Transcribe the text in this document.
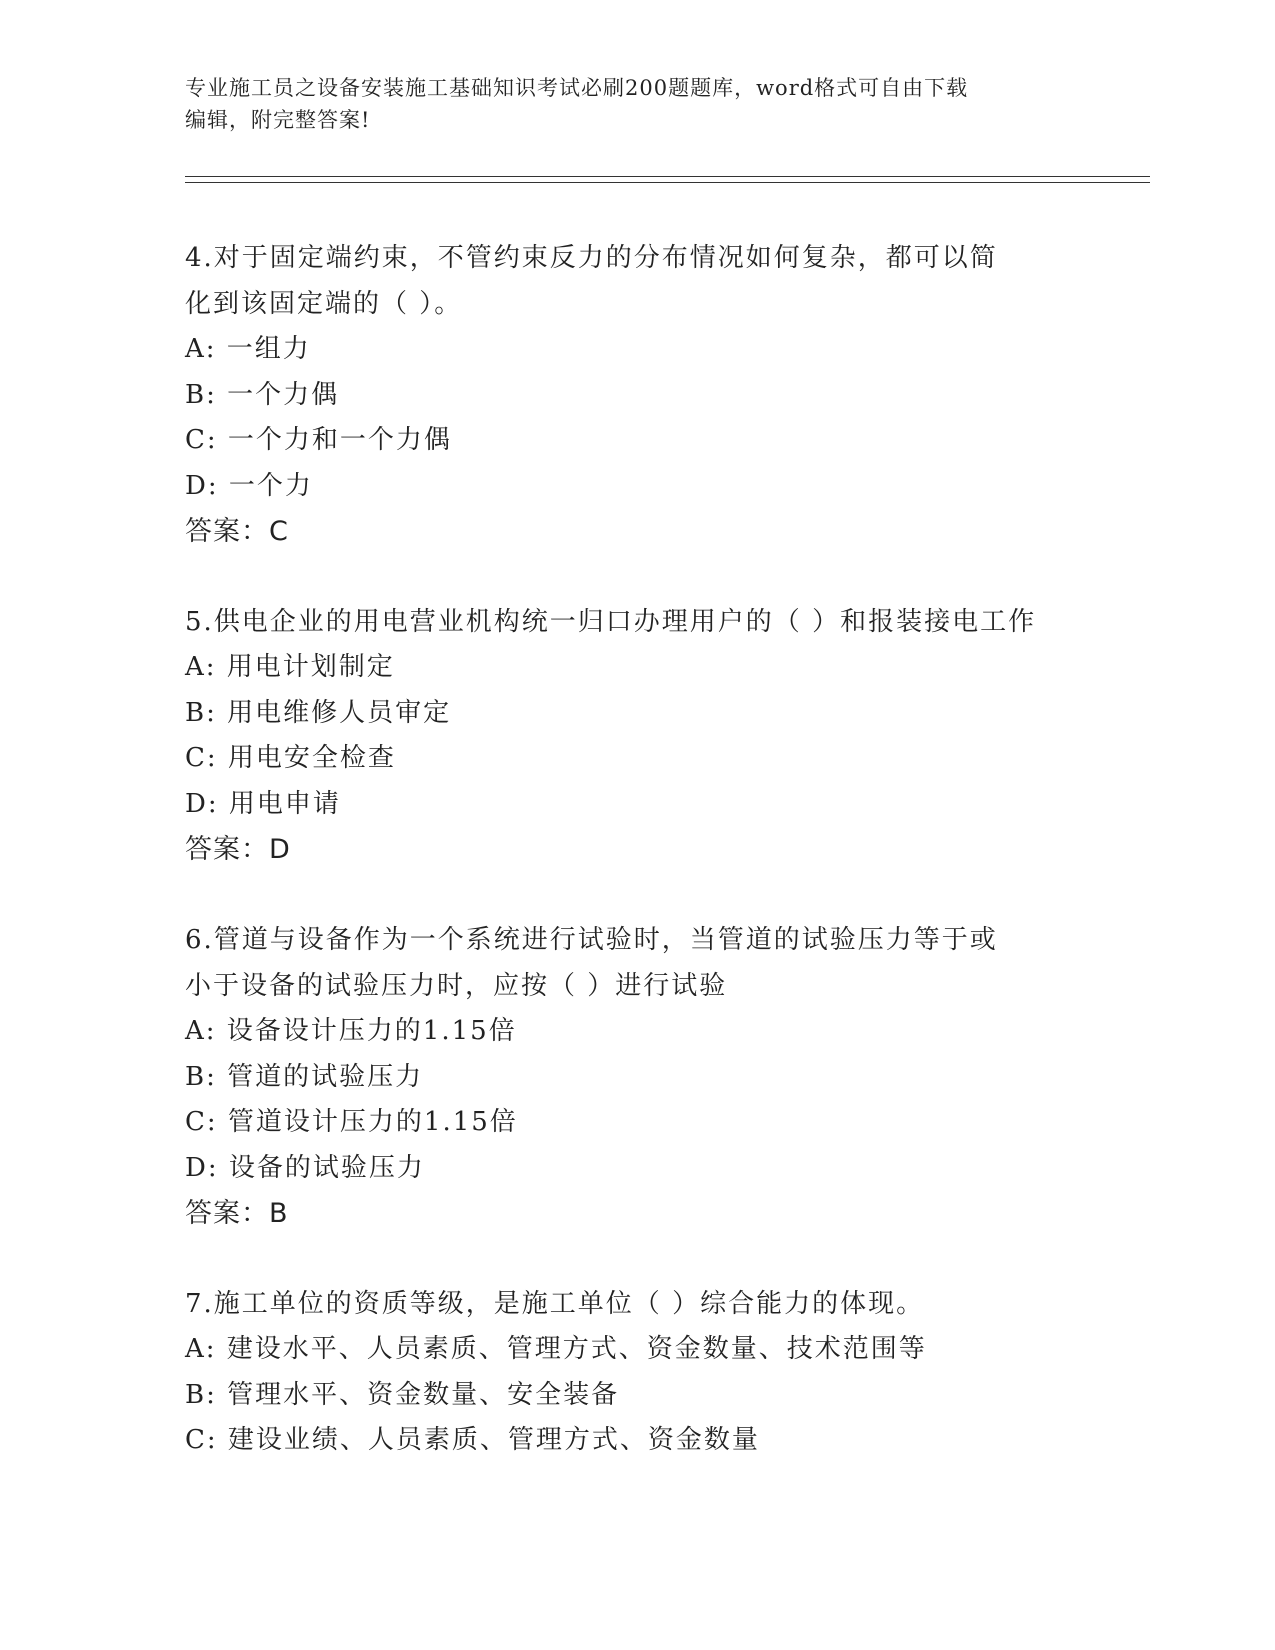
专业施工员之设备安装施工基础知识考试必刷200题题库，word格式可自由下载
编辑，附完整答案!
4.对于固定端约束，不管约束反力的分布情况如何复杂，都可以简化到该固定端的（ ）。
A: 一组力
B: 一个力偶
C: 一个力和一个力偶
D: 一个力
答案：C
5.供电企业的用电营业机构统一归口办理用户的（ ）和报装接电工作
A: 用电计划制定
B: 用电维修人员审定
C: 用电安全检查
D: 用电申请
答案：D
6.管道与设备作为一个系统进行试验时，当管道的试验压力等于或小于设备的试验压力时，应按（ ）进行试验
A: 设备设计压力的1.15倍
B: 管道的试验压力
C: 管道设计压力的1.15倍
D: 设备的试验压力
答案：B
7.施工单位的资质等级，是施工单位（ ）综合能力的体现。
A: 建设水平、人员素质、管理方式、资金数量、技术范围等
B: 管理水平、资金数量、安全装备
C: 建设业绩、人员素质、管理方式、资金数量
